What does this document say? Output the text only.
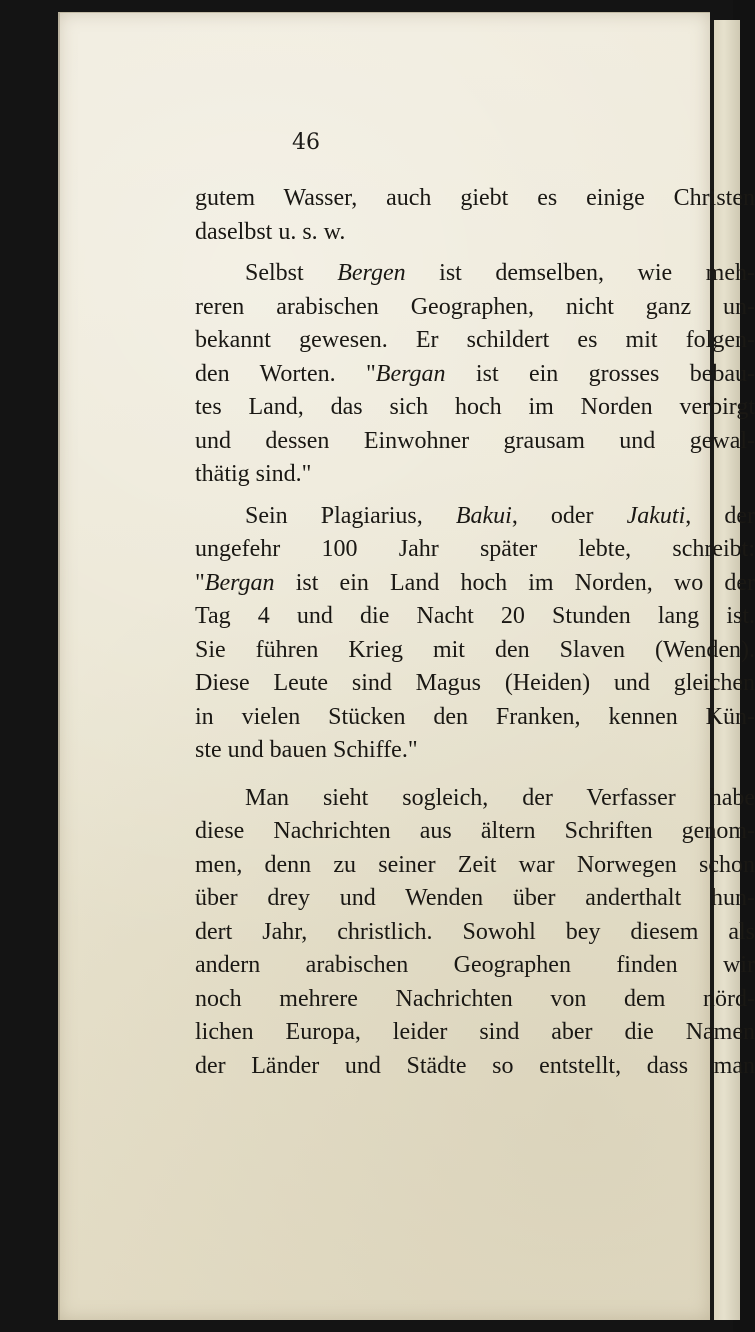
46
gutem Wasser, auch giebt es einige Christen
daselbst u. s. w.
Selbst Bergen ist demselben, wie meh-
reren arabischen Geographen, nicht ganz un-
bekannt gewesen. Er schildert es mit folgen-
den Worten. "Bergan ist ein grosses bebau-
tes Land, das sich hoch im Norden verbirgt
und dessen Einwohner grausam und gewal-
thätig sind."
Sein Plagiarius, Bakui, oder Jakuti, der
ungefehr 100 Jahr später lebte, schreibt:
"Bergan ist ein Land hoch im Norden, wo der
Tag 4 und die Nacht 20 Stunden lang ist.
Sie führen Krieg mit den Slaven (Wenden).
Diese Leute sind Magus (Heiden) und gleichen
in vielen Stücken den Franken, kennen Kün-
ste und bauen Schiffe."
Man sieht sogleich, der Verfasser habe
diese Nachrichten aus ältern Schriften genom-
men, denn zu seiner Zeit war Norwegen schon
über drey und Wenden über anderthalt hun-
dert Jahr, christlich. Sowohl bey diesem als
andern arabischen Geographen finden wir
noch mehrere Nachrichten von dem nörd-
lichen Europa, leider sind aber die Namen
der Länder und Städte so entstellt, dass man
